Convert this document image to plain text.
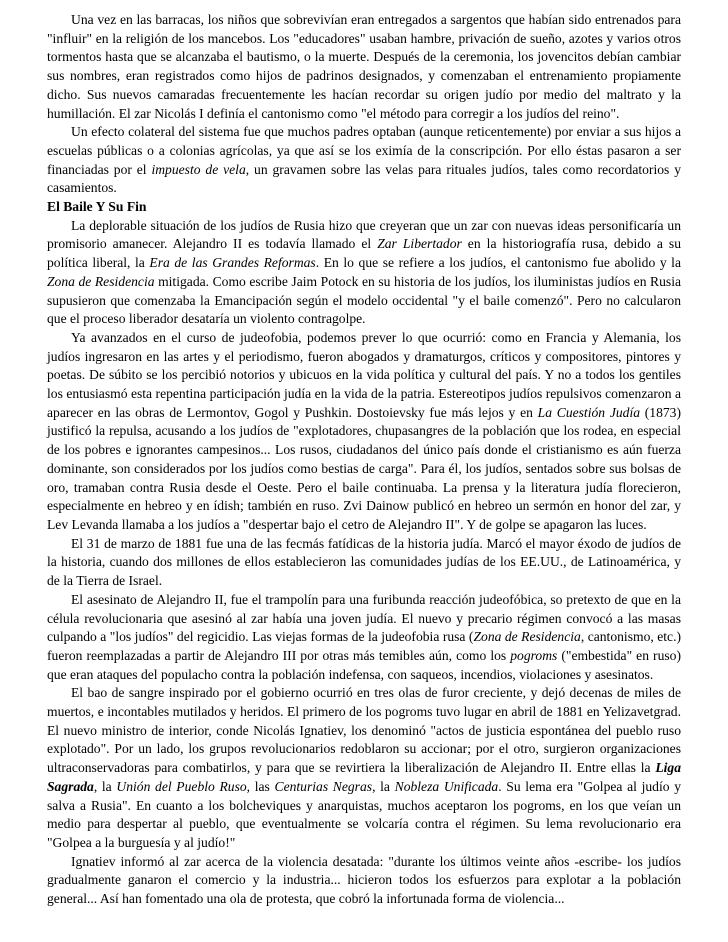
Una vez en las barracas, los niños que sobrevivían eran entregados a sargentos que habían sido entrenados para "influir" en la religión de los mancebos. Los "educadores" usaban hambre, privación de sueño, azotes y varios otros tormentos hasta que se alcanzaba el bautismo, o la muerte. Después de la ceremonia, los jovencitos debían cambiar sus nombres, eran registrados como hijos de padrinos designados, y comenzaban el entrenamiento propiamente dicho. Sus nuevos camaradas frecuentemente les hacían recordar su origen judío por medio del maltrato y la humillación. El zar Nicolás I definía el cantonismo como "el método para corregir a los judíos del reino".

Un efecto colateral del sistema fue que muchos padres optaban (aunque reticentemente) por enviar a sus hijos a escuelas públicas o a colonias agrícolas, ya que así se los eximía de la conscripción. Por ello éstas pasaron a ser financiadas por el impuesto de vela, un gravamen sobre las velas para rituales judíos, tales como recordatorios y casamientos.

El Baile Y Su Fin

La deplorable situación de los judíos de Rusia hizo que creyeran que un zar con nuevas ideas personificaría un promisorio amanecer. Alejandro II es todavía llamado el Zar Libertador en la historiografía rusa, debido a su política liberal, la Era de las Grandes Reformas. En lo que se refiere a los judíos, el cantonismo fue abolido y la Zona de Residencia mitigada. Como escribe Jaim Potock en su historia de los judíos, los iluministas judíos en Rusia supusieron que comenzaba la Emancipación según el modelo occidental "y el baile comenzó". Pero no calcularon que el proceso liberador desataría un violento contragolpe.

Ya avanzados en el curso de judeofobia, podemos prever lo que ocurrió: como en Francia y Alemania, los judíos ingresaron en las artes y el periodismo, fueron abogados y dramaturgos, críticos y compositores, pintores y poetas. De súbito se los percibió notorios y ubicuos en la vida política y cultural del país. Y no a todos los gentiles los entusiasmó esta repentina participación judía en la vida de la patria. Estereotipos judíos repulsivos comenzaron a aparecer en las obras de Lermontov, Gogol y Pushkin. Dostoievsky fue más lejos y en La Cuestión Judía (1873) justificó la repulsa, acusando a los judíos de "explotadores, chupasangres de la población que los rodea, en especial de los pobres e ignorantes campesinos... Los rusos, ciudadanos del único país donde el cristianismo es aún fuerza dominante, son considerados por los judíos como bestias de carga". Para él, los judíos, sentados sobre sus bolsas de oro, tramaban contra Rusia desde el Oeste. Pero el baile continuaba. La prensa y la literatura judía florecieron, especialmente en hebreo y en ídish; también en ruso. Zvi Dainow publicó en hebreo un sermón en honor del zar, y Lev Levanda llamaba a los judíos a "despertar bajo el cetro de Alejandro II". Y de golpe se apagaron las luces.

El 31 de marzo de 1881 fue una de las fecmás fatídicas de la historia judía. Marcó el mayor éxodo de judíos de la historia, cuando dos millones de ellos establecieron las comunidades judías de los EE.UU., de Latinoamérica, y de la Tierra de Israel.

El asesinato de Alejandro II, fue el trampolín para una furibunda reacción judeofóbica, so pretexto de que en la célula revolucionaria que asesinó al zar había una joven judía. El nuevo y precario régimen convocó a las masas culpando a "los judíos" del regicidio. Las viejas formas de la judeofobia rusa (Zona de Residencia, cantonismo, etc.) fueron reemplazadas a partir de Alejandro III por otras más temibles aún, como los pogroms ("embestida" en ruso) que eran ataques del populacho contra la población indefensa, con saqueos, incendios, violaciones y asesinatos.

El bao de sangre inspirado por el gobierno ocurrió en tres olas de furor creciente, y dejó decenas de miles de muertos, e incontables mutilados y heridos. El primero de los pogroms tuvo lugar en abril de 1881 en Yelizavetgrad. El nuevo ministro de interior, conde Nicolás Ignatiev, los denominó "actos de justicia espontánea del pueblo ruso explotado". Por un lado, los grupos revolucionarios redoblaron su accionar; por el otro, surgieron organizaciones ultraconservadoras para combatirlos, y para que se revirtiera la liberalización de Alejandro II. Entre ellas la Liga Sagrada, la Unión del Pueblo Ruso, las Centurias Negras, la Nobleza Unificada. Su lema era "Golpea al judío y salva a Rusia". En cuanto a los bolcheviques y anarquistas, muchos aceptaron los pogroms, en los que veían un medio para despertar al pueblo, que eventualmente se volcaría contra el régimen. Su lema revolucionario era "Golpea a la burguesía y al judío!"

Ignatiev informó al zar acerca de la violencia desatada: "durante los últimos veinte años -escribe- los judíos gradualmente ganaron el comercio y la industria... hicieron todos los esfuerzos para explotar a la población general... Así han fomentado una ola de protesta, que cobró la infortunada forma de violencia...
